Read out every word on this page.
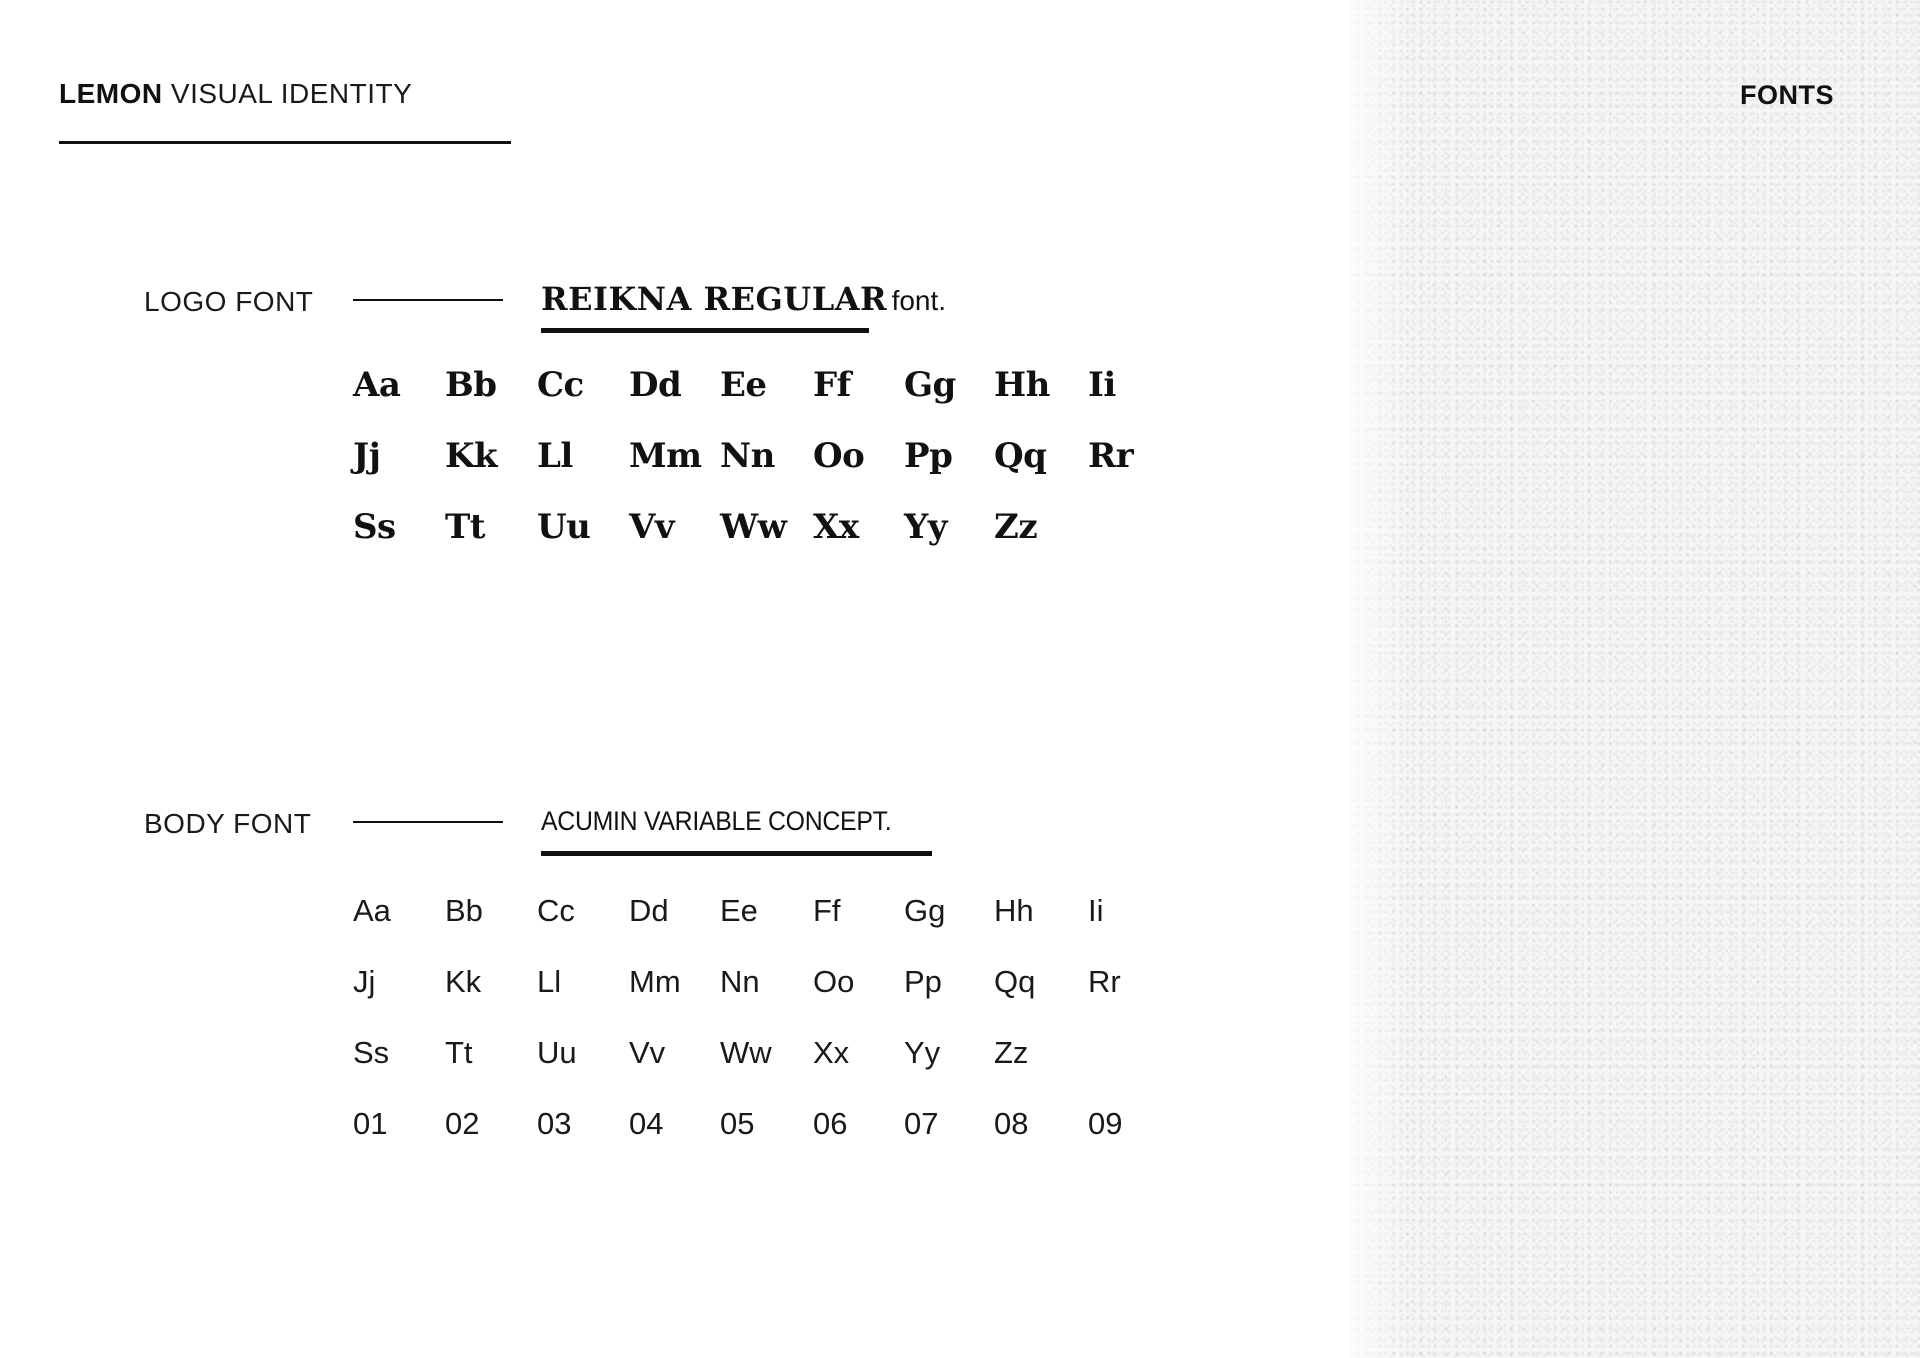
LEMON VISUAL IDENTITY	FONTS
LOGO FONT	REIKNA REGULAR font.
Aa	Bb	Cc	Dd	Ee	Ff	Gg	Hh	Ii
Jj	Kk	Ll	Mm Nn	Oo	Pp	Qq	Rr
Ss	Tt	Uu	Vv	Ww Xx	Yy	Zz
BODY FONT	ACUMIN VARIABLE CONCEPT.
Aa	Bb	Cc	Dd	Ee	Ff	Gg	Hh	Ii
Jj	Kk	Ll	Mm	Nn	Oo	Pp	Qq	Rr
Ss	Tt	Uu	Vv	Ww	Xx	Yy	Zz
01	02	03	04	05	06	07	08	09
